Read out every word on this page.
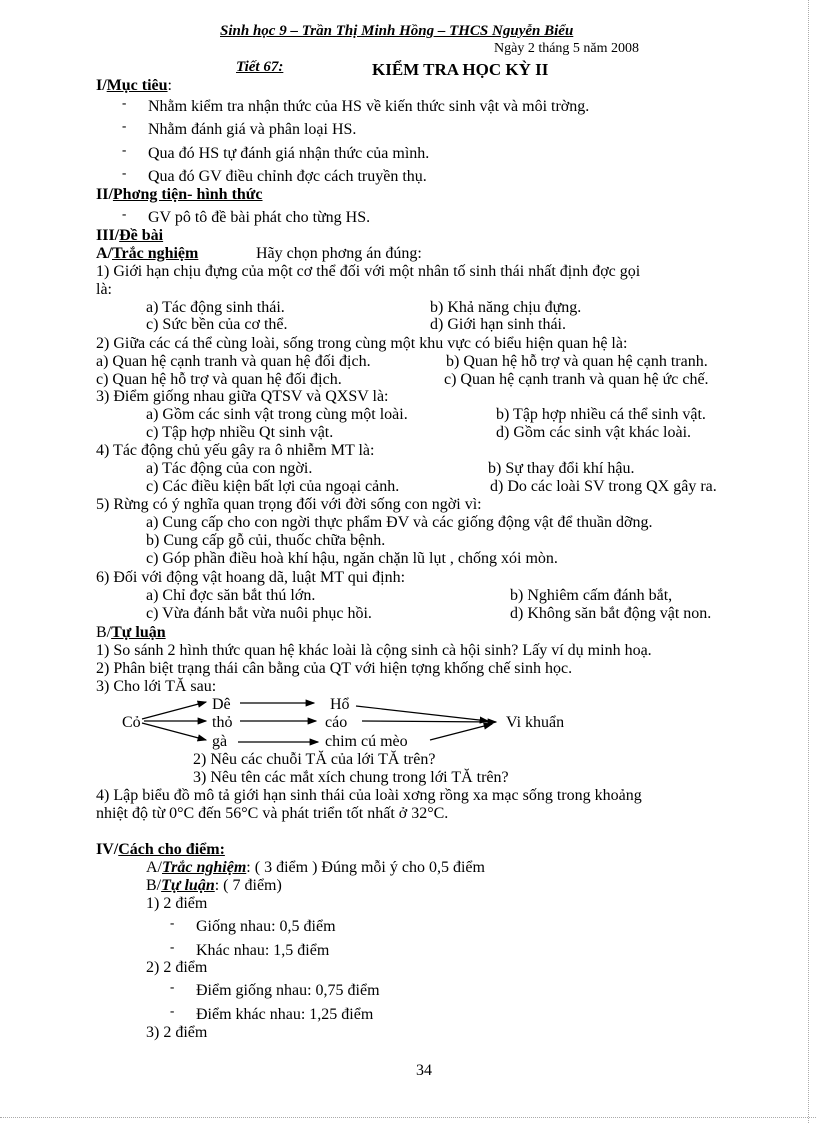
Sinh học 9 – Trần Thị Minh Hồng – THCS Nguyễn Biểu
Ngày 2 tháng 5 năm 2008
Tiết 67:	KIỂM TRA HỌC KỲ II
I/Mục tiêu:
- Nhằm kiểm tra nhận thức của HS về kiến thức sinh vật và môi trờng.
- Nhằm đánh giá và phân loại HS.
- Qua đó HS tự đánh giá nhận thức của mình.
- Qua đó GV điều chỉnh đợc cách truyền thụ.
II/Phơng tiện- hình thức
- GV pô tô đề bài phát cho từng HS.
III/Đề bài
A/Trắc nghiệm	Hãy chọn phơng án đúng:
1) Giới hạn chịu đựng của một cơ thể đối với một nhân tố sinh thái nhất định đợc gọi
là:
a) Tác động sinh thái.	b) Khả năng chịu đựng.
c) Sức bền của cơ thể.	d) Giới hạn sinh thái.
2) Giữa các cá thể cùng loài, sống trong cùng một khu vực có biểu hiện quan hệ là:
a) Quan hệ cạnh tranh và quan hệ đối địch.	b) Quan hệ hỗ trợ và quan hệ cạnh tranh.
c) Quan hệ hỗ trợ và quan hệ đối địch.	c) Quan hệ cạnh tranh và quan hệ ức chế.
3) Điểm giống nhau giữa QTSV và QXSV là:
a) Gồm các sinh vật trong cùng một loài.	b) Tập hợp nhiều cá thể sinh vật.
c) Tập hợp nhiều Qt sinh vật.	d) Gồm các sinh vật khác loài.
4) Tác động chủ yếu gây ra ô nhiễm MT là:
a) Tác động của con ngời.	b) Sự thay đổi khí hậu.
c) Các điều kiện bất lợi của ngoại cảnh.	d) Do các loài SV trong QX gây ra.
5) Rừng có ý nghĩa quan trọng đối với đời sống con ngời vì:
a) Cung cấp cho con ngời thực phẩm ĐV và các giống động vật để thuần dỡng.
b) Cung cấp gỗ củi, thuốc chữa bệnh.
c) Góp phần điều hoà khí hậu, ngăn chặn lũ lụt , chống xói mòn.
6) Đối với động vật hoang dã, luật MT qui định:
a) Chỉ đợc săn bắt thú lớn.	b) Nghiêm cấm đánh bắt,
c) Vừa đánh bắt vừa nuôi phục hồi.	d) Không săn bắt động vật non.
B/Tự luận
1) So sánh 2 hình thức quan hệ khác loài là cộng sinh cà hội sinh? Lấy ví dụ minh hoạ.
2) Phân biệt trạng thái cân bằng của QT với hiện tợng khống chế sinh học.
3) Cho lới TĂ sau:
Cỏ
Dê
thỏ
gà
Hổ
cáo
chim cú mèo
Vi khuẩn
2) Nêu các chuỗi TĂ của lới TĂ trên?
3) Nêu tên các mắt xích chung trong lới TĂ trên?
4) Lập biểu đồ mô tả giới hạn sinh thái của loài xơng rồng xa mạc sống trong khoảng
nhiệt độ từ 0°C đến 56°C và phát triển tốt nhất ở 32°C.
IV/Cách cho điểm:
A/Trắc nghiệm: ( 3 điểm ) Đúng mỗi ý cho 0,5 điểm
B/Tự luận: ( 7 điểm)
1) 2 điểm
- Giống nhau: 0,5 điểm
- Khác nhau: 1,5 điểm
2) 2 điểm
- Điểm giống nhau: 0,75 điểm
- Điểm khác nhau: 1,25 điểm
3) 2 điểm
34
